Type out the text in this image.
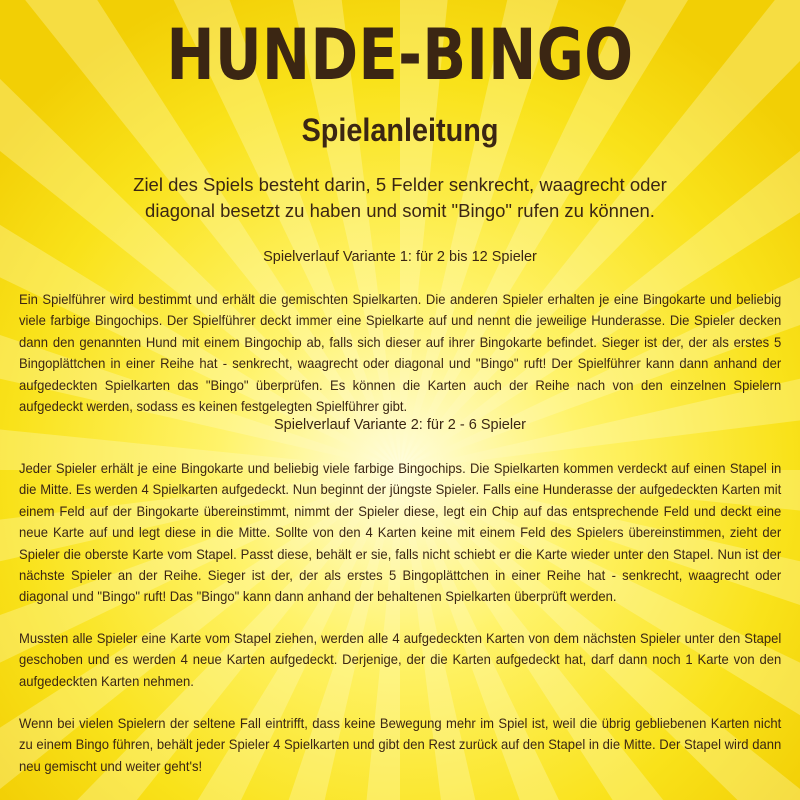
HUNDE-BINGO
Spielanleitung

Ziel des Spiels besteht darin, 5 Felder senkrecht, waagrecht oder diagonal besetzt zu haben und somit "Bingo" rufen zu können.

Spielverlauf Variante 1: für 2 bis 12 Spieler

Ein Spielführer wird bestimmt und erhält die gemischten Spielkarten. Die anderen Spieler erhalten je eine Bingokarte und beliebig viele farbige Bingochips. Der Spielführer deckt immer eine Spielkarte auf und nennt die jeweilige Hunderasse. Die Spieler decken dann den genannten Hund mit einem Bingochip ab, falls sich dieser auf ihrer Bingokarte befindet. Sieger ist der, der als erstes 5 Bingoplättchen in einer Reihe hat - senkrecht, waagrecht oder diagonal und "Bingo" ruft! Der Spielführer kann dann anhand der aufgedeckten Spielkarten das "Bingo" überprüfen. Es können die Karten auch der Reihe nach von den einzelnen Spielern aufgedeckt werden, sodass es keinen festgelegten Spielführer gibt.

Spielverlauf Variante 2: für 2 - 6 Spieler

Jeder Spieler erhält je eine Bingokarte und beliebig viele farbige Bingochips. Die Spielkarten kommen verdeckt auf einen Stapel in die Mitte. Es werden 4 Spielkarten aufgedeckt. Nun beginnt der jüngste Spieler. Falls eine Hunderasse der aufgedeckten Karten mit einem Feld auf der Bingokarte übereinstimmt, nimmt der Spieler diese, legt ein Chip auf das entsprechende Feld und deckt eine neue Karte auf und legt diese in die Mitte. Sollte von den 4 Karten keine mit einem Feld des Spielers übereinstimmen, zieht der Spieler die oberste Karte vom Stapel. Passt diese, behält er sie, falls nicht schiebt er die Karte wieder unter den Stapel. Nun ist der nächste Spieler an der Reihe. Sieger ist der, der als erstes 5 Bingoplättchen in einer Reihe hat - senkrecht, waagrecht oder diagonal und "Bingo" ruft! Das "Bingo" kann dann anhand der behaltenen Spielkarten überprüft werden.

Mussten alle Spieler eine Karte vom Stapel ziehen, werden alle 4 aufgedeckten Karten von dem nächsten Spieler unter den Stapel geschoben und es werden 4 neue Karten aufgedeckt. Derjenige, der die Karten aufgedeckt hat, darf dann noch 1 Karte von den aufgedeckten Karten nehmen.

Wenn bei vielen Spielern der seltene Fall eintrifft, dass keine Bewegung mehr im Spiel ist, weil die übrig gebliebenen Karten nicht zu einem Bingo führen, behält jeder Spieler 4 Spielkarten und gibt den Rest zurück auf den Stapel in die Mitte. Der Stapel wird dann neu gemischt und weiter geht's!
